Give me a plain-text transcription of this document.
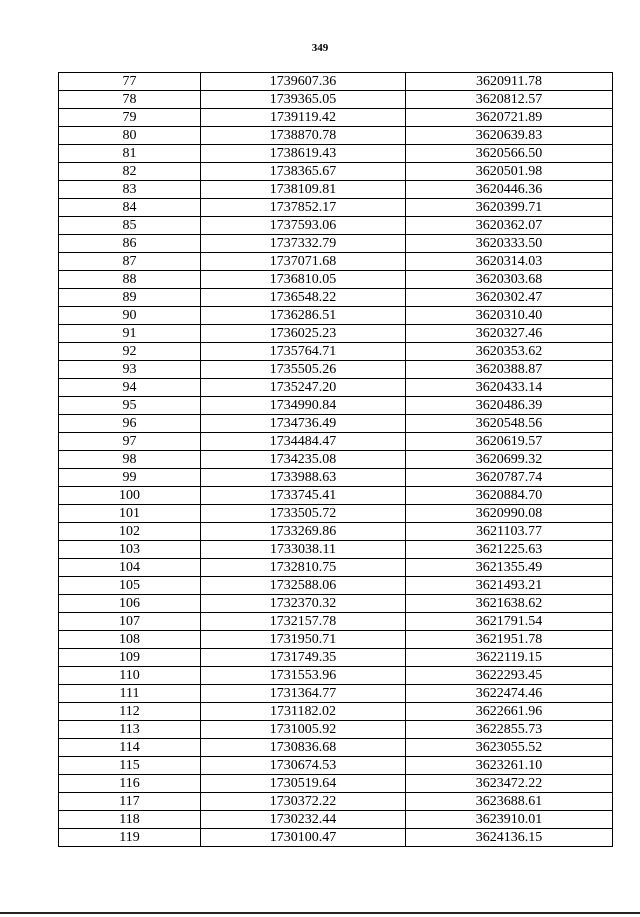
349
77	1739607.36	3620911.78
78	1739365.05	3620812.57
79	1739119.42	3620721.89
80	1738870.78	3620639.83
81	1738619.43	3620566.50
82	1738365.67	3620501.98
83	1738109.81	3620446.36
84	1737852.17	3620399.71
85	1737593.06	3620362.07
86	1737332.79	3620333.50
87	1737071.68	3620314.03
88	1736810.05	3620303.68
89	1736548.22	3620302.47
90	1736286.51	3620310.40
91	1736025.23	3620327.46
92	1735764.71	3620353.62
93	1735505.26	3620388.87
94	1735247.20	3620433.14
95	1734990.84	3620486.39
96	1734736.49	3620548.56
97	1734484.47	3620619.57
98	1734235.08	3620699.32
99	1733988.63	3620787.74
100	1733745.41	3620884.70
101	1733505.72	3620990.08
102	1733269.86	3621103.77
103	1733038.11	3621225.63
104	1732810.75	3621355.49
105	1732588.06	3621493.21
106	1732370.32	3621638.62
107	1732157.78	3621791.54
108	1731950.71	3621951.78
109	1731749.35	3622119.15
110	1731553.96	3622293.45
111	1731364.77	3622474.46
112	1731182.02	3622661.96
113	1731005.92	3622855.73
114	1730836.68	3623055.52
115	1730674.53	3623261.10
116	1730519.64	3623472.22
117	1730372.22	3623688.61
118	1730232.44	3623910.01
119	1730100.47	3624136.15
